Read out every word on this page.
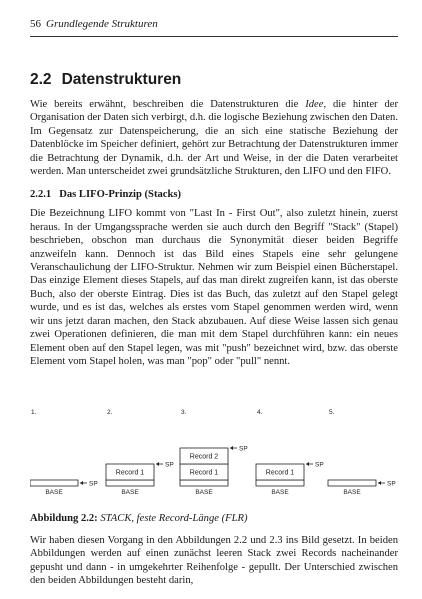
56 Grundlegende Strukturen
2.2 Datenstrukturen

Wie bereits erwähnt, beschreiben die Datenstrukturen die Idee, die hinter der Organisation der Daten sich verbirgt, d.h. die logische Beziehung zwischen den Daten. Im Gegensatz zur Datenspeicherung, die an sich eine statische Beziehung der Datenblöcke im Speicher definiert, gehört zur Betrachtung der Datenstrukturen immer die Betrachtung der Dynamik, d.h. der Art und Weise, in der die Daten verarbeitet werden. Man unterscheidet zwei grundsätzliche Strukturen, den LIFO und den FIFO.

2.2.1 Das LIFO-Prinzip (Stacks)

Die Bezeichnung LIFO kommt von "Last In - First Out", also zuletzt hinein, zuerst heraus. In der Umgangssprache werden sie auch durch den Begriff "Stack" (Stapel) beschrieben, obschon man durchaus die Synonymität dieser beiden Begriffe anzweifeln kann. Dennoch ist das Bild eines Stapels eine sehr gelungene Veranschaulichung der LIFO-Struktur. Nehmen wir zum Beispiel einen Bücherstapel. Das einzige Element dieses Stapels, auf das man direkt zugreifen kann, ist das oberste Buch, also der oberste Eintrag. Dies ist das Buch, das zuletzt auf den Stapel gelegt wurde, und es ist das, welches als erstes vom Stapel genommen werden wird, wenn wir uns jetzt daran machen, den Stack abzubauen. Auf diese Weise lassen sich genau zwei Operationen definieren, die man mit dem Stapel durchführen kann: ein neues Element oben auf den Stapel legen, was mit "push" bezeichnet wird, bzw. das oberste Element vom Stapel holen, was man "pop" oder "pull" nennt.

1.
BASE
SP
2.
BASE
Record 1
SP
3.
BASE
Record 1
Record 2
SP
4.
BASE
Record 1
SP
5.
BASE
SP
Abbildung 2.2: STACK, feste Record-Länge (FLR)

Wir haben diesen Vorgang in den Abbildungen 2.2 und 2.3 ins Bild gesetzt. In beiden Abbildungen werden auf einen zunächst leeren Stack zwei Records nacheinander gepusht und dann - in umgekehrter Reihenfolge - gepullt. Der Unterschied zwischen den beiden Abbildungen besteht darin,
